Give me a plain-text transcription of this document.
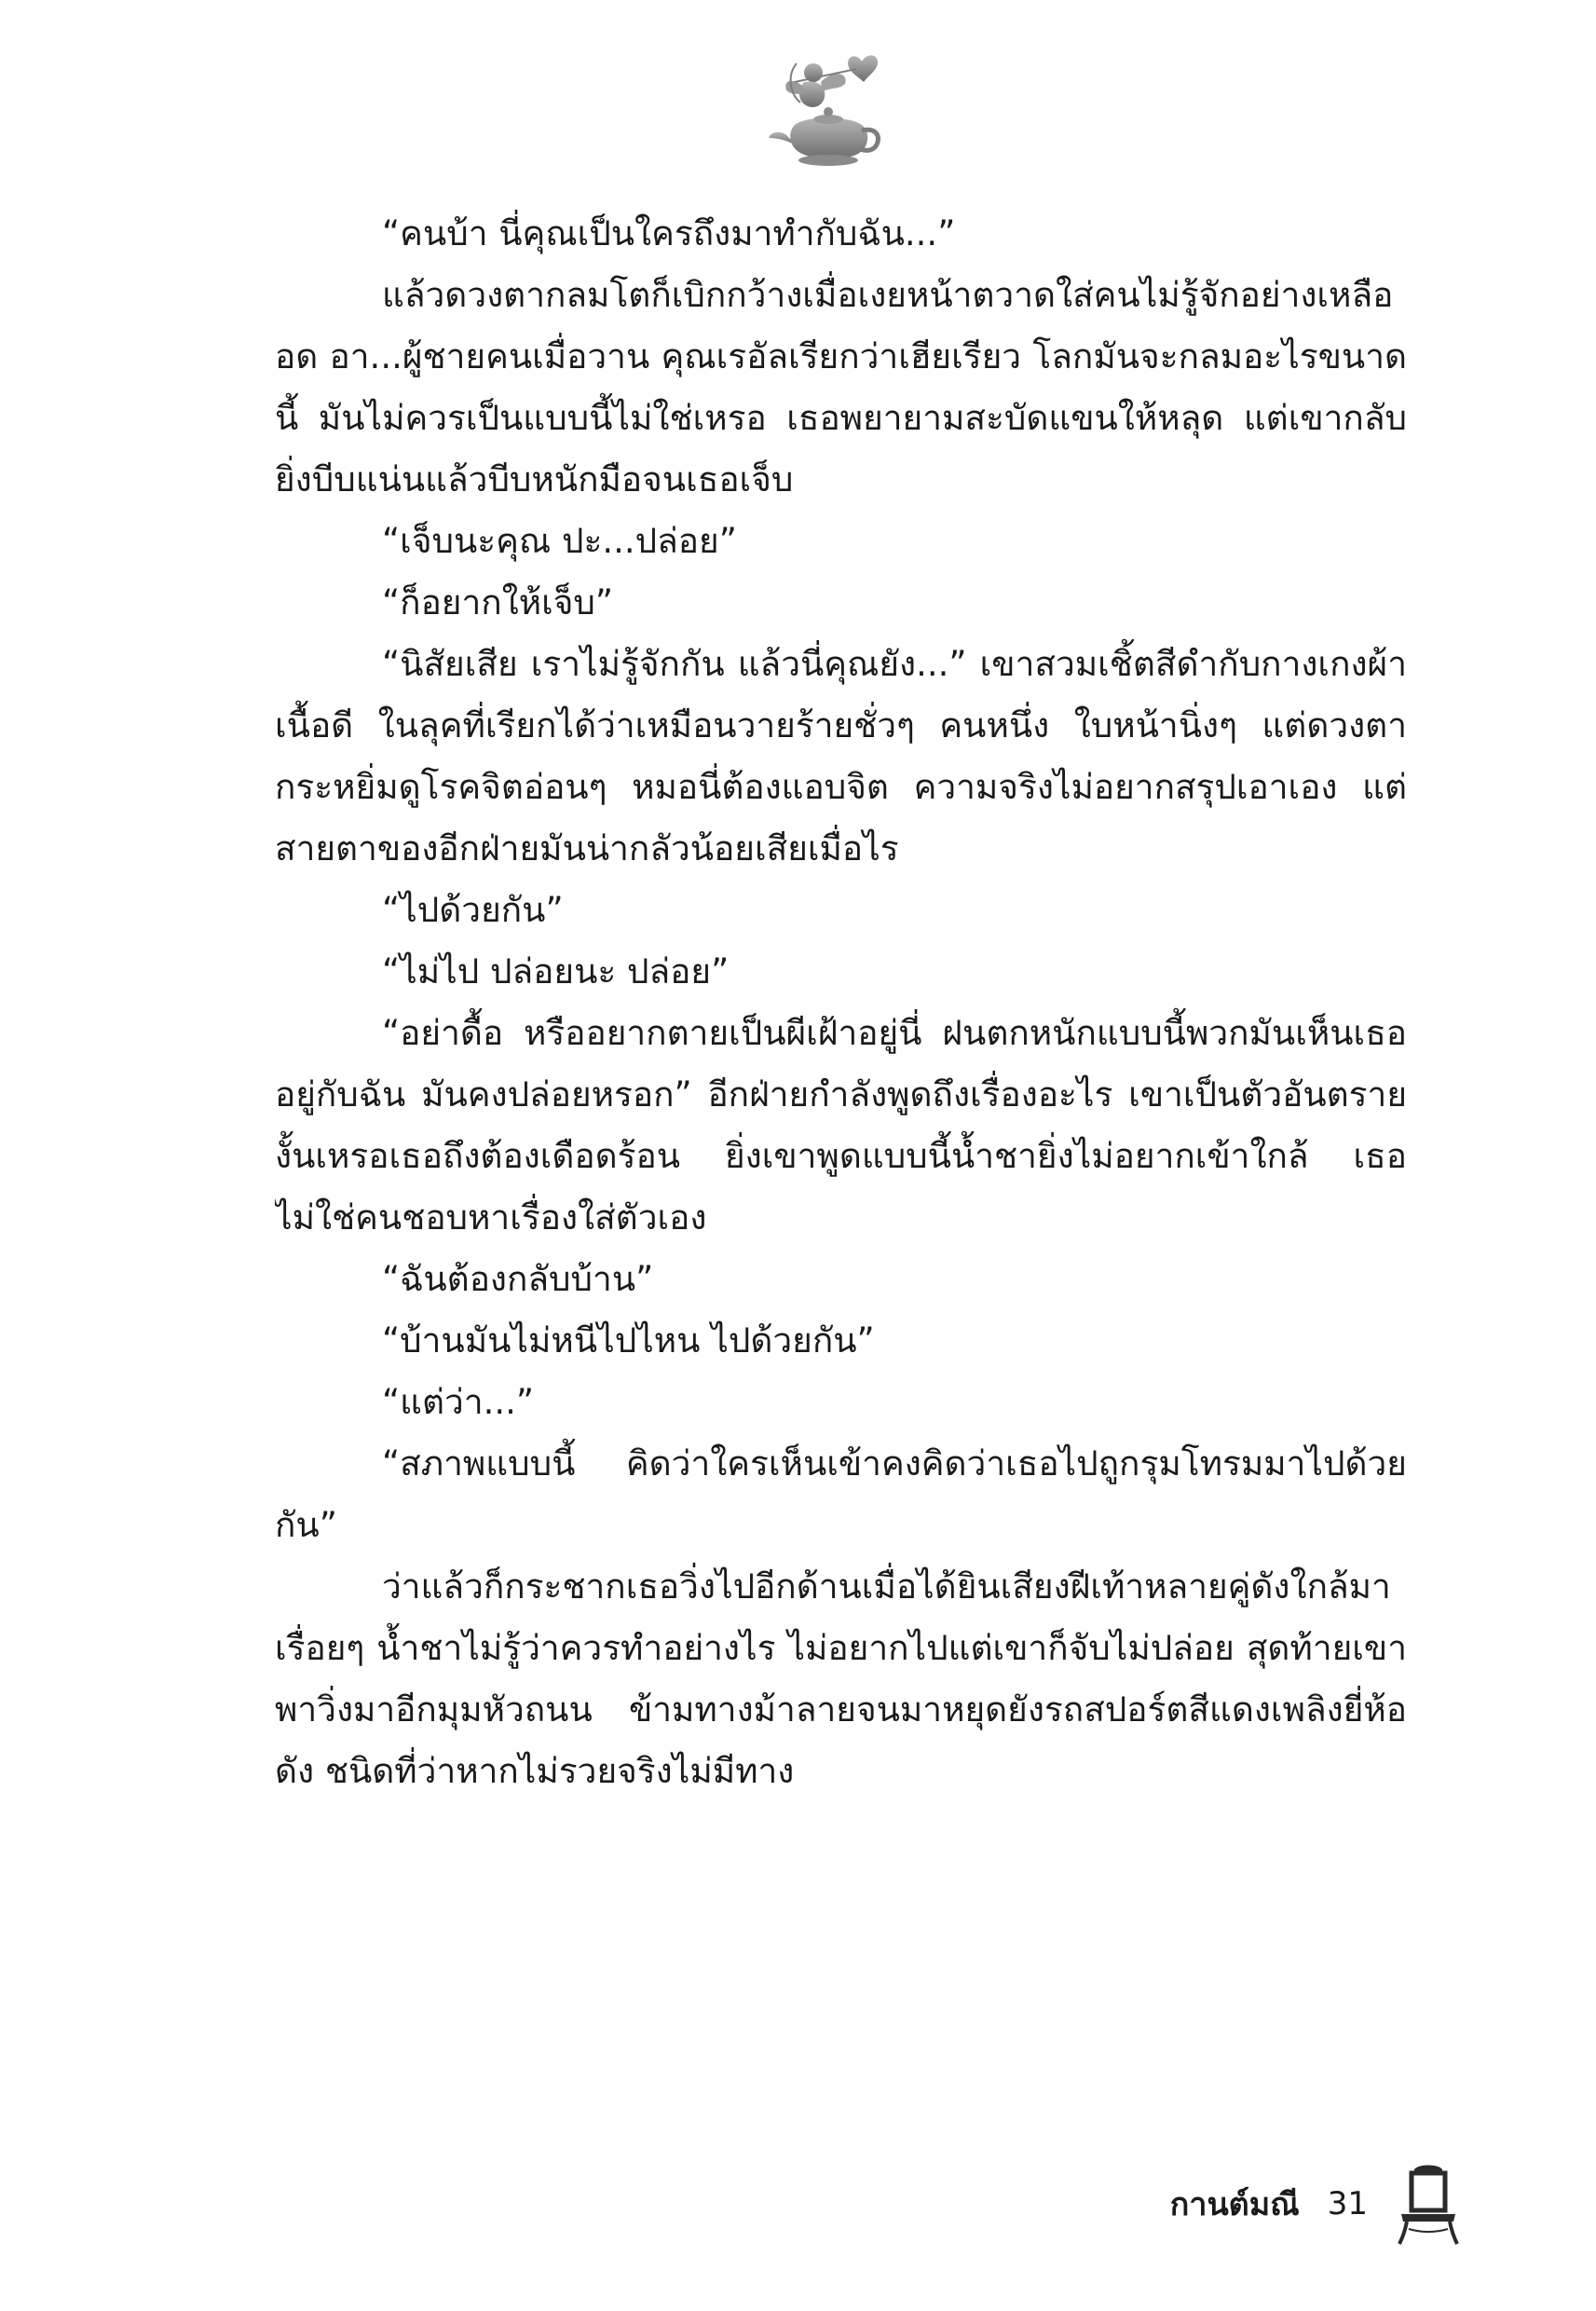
“คนบ้า นี่คุณเป็นใครถึงมาทำกับฉัน...”

แล้วดวงตากลมโตก็เบิกกว้างเมื่อเงยหน้าตวาดใส่คนไม่รู้จักอย่างเหลืออด อา...ผู้ชายคนเมื่อวาน คุณเรอัลเรียกว่าเฮียเรียว โลกมันจะกลมอะไรขนาดนี้ มันไม่ควรเป็นแบบนี้ไม่ใช่เหรอ เธอพยายามสะบัดแขนให้หลุด แต่เขากลับยิ่งบีบแน่นแล้วบีบหนักมือจนเธอเจ็บ

“เจ็บนะคุณ ปะ...ปล่อย”

“ก็อยากให้เจ็บ”

“นิสัยเสีย เราไม่รู้จักกัน แล้วนี่คุณยัง...” เขาสวมเชิ้ตสีดำกับกางเกงผ้าเนื้อดี ในลุคที่เรียกได้ว่าเหมือนวายร้ายชั่วๆ คนหนึ่ง ใบหน้านิ่งๆ แต่ดวงตากระหยิ่มดูโรคจิตอ่อนๆ หมอนี่ต้องแอบจิต ความจริงไม่อยากสรุปเอาเอง แต่สายตาของอีกฝ่ายมันน่ากลัวน้อยเสียเมื่อไร

“ไปด้วยกัน”

“ไม่ไป ปล่อยนะ ปล่อย”

“อย่าดื้อ หรืออยากตายเป็นผีเฝ้าอยู่นี่ ฝนตกหนักแบบนี้พวกมันเห็นเธออยู่กับฉัน มันคงปล่อยหรอก” อีกฝ่ายกำลังพูดถึงเรื่องอะไร เขาเป็นตัวอันตรายงั้นเหรอเธอถึงต้องเดือดร้อน ยิ่งเขาพูดแบบนี้น้ำชายิ่งไม่อยากเข้าใกล้ เธอไม่ใช่คนชอบหาเรื่องใส่ตัวเอง

“ฉันต้องกลับบ้าน”

“บ้านมันไม่หนีไปไหน ไปด้วยกัน”

“แต่ว่า...”

“สภาพแบบนี้ คิดว่าใครเห็นเข้าคงคิดว่าเธอไปถูกรุมโทรมมาไปด้วยกัน”

ว่าแล้วก็กระชากเธอวิ่งไปอีกด้านเมื่อได้ยินเสียงฝีเท้าหลายคู่ดังใกล้มาเรื่อยๆ น้ำชาไม่รู้ว่าควรทำอย่างไร ไม่อยากไปแต่เขาก็จับไม่ปล่อย สุดท้ายเขาพาวิ่งมาอีกมุมหัวถนน ข้ามทางม้าลายจนมาหยุดยังรถสปอร์ตสีแดงเพลิงยี่ห้อดัง ชนิดที่ว่าหากไม่รวยจริงไม่มีทาง

กานต์มณี 31
